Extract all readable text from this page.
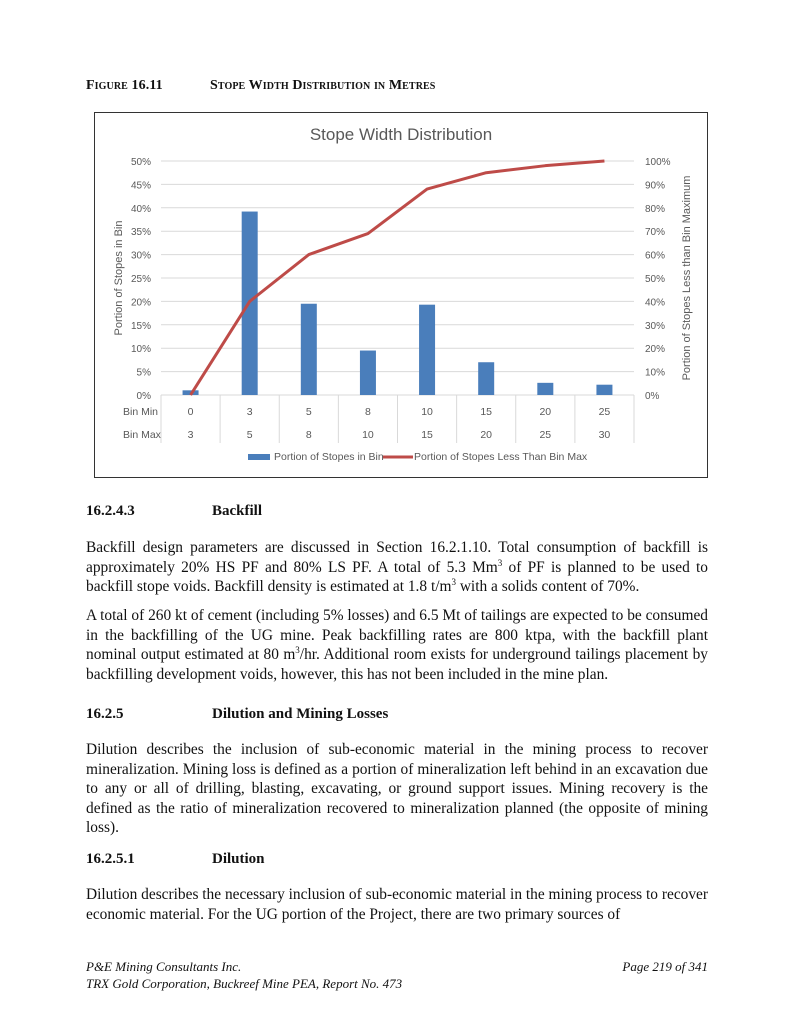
Figure 16.11	Stope Width Distribution in Metres
Stope Width Distribution
0%
5%
10%
15%
20%
25%
30%
35%
40%
45%
50%
0%
10%
20%
30%
40%
50%
60%
70%
80%
90%
100%
Portion of Stopes in Bin	Portion of Stopes Less than Bin Maximum
Bin Min	0	3	5	8	10	15	20	25
Bin Max	3	5	8	10	15	20	25	30
Portion of Stopes in Bin	Portion of Stopes Less Than Bin Max
16.2.4.3	Backfill
Backfill design parameters are discussed in Section 16.2.1.10. Total consumption of backfill is approximately 20% HS PF and 80% LS PF. A total of 5.3 Mm$^3$ of PF is planned to be used to backfill stope voids. Backfill density is estimated at 1.8 $t/m^3$ with a solids content of 70%.
A total of 260 kt of cement (including 5% losses) and 6.5 Mt of tailings are expected to be consumed in the backfilling of the UG mine. Peak backfilling rates are 800 ktpa, with the backfill plant nominal output estimated at 80 $m^3/hr$. Additional room exists for underground tailings placement by backfilling development voids, however, this has not been included in the mine plan.
16.2.5	Dilution and Mining Losses
Dilution describes the inclusion of sub-economic material in the mining process to recover mineralization. Mining loss is defined as a portion of mineralization left behind in an excavation due to any or all of drilling, blasting, excavating, or ground support issues. Mining recovery is the defined as the ratio of mineralization recovered to mineralization planned (the opposite of mining loss).
16.2.5.1	Dilution
Dilution describes the necessary inclusion of sub-economic material in the mining process to recover economic material. For the UG portion of the Project, there are two primary sources of
P&E Mining Consultants Inc.
TRX Gold Corporation, Buckreef Mine PEA, Report No. 473
Page 219 of 341
